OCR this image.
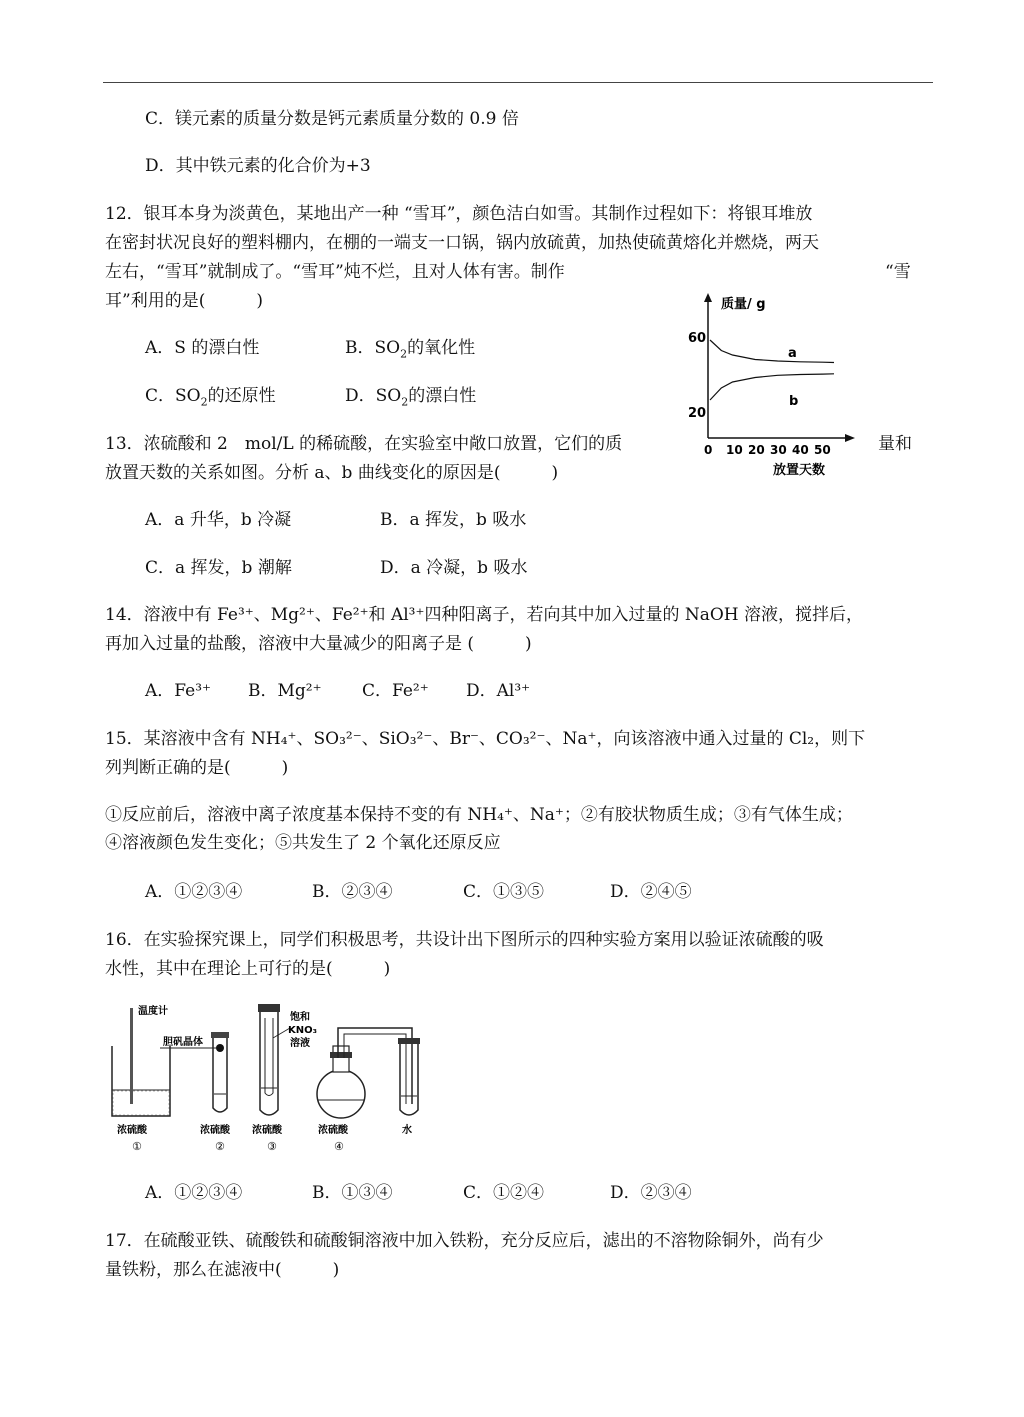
C．镁元素的质量分数是钙元素质量分数的 0.9 倍
D．其中铁元素的化合价为+3
12．银耳本身为淡黄色，某地出产一种 “雪耳”，颜色洁白如雪。其制作过程如下：将银耳堆放
在密封状况良好的塑料棚内，在棚的一端支一口锅，锅内放硫黄，加热使硫黄熔化并燃烧，两天
左右，“雪耳”就制成了。“雪耳”炖不烂，且对人体有害。制作	“雪
耳”利用的是(　　　)
A．S 的漂白性	B．$SO_2$的氧化性
C．$SO_2$的还原性	D．$SO_2$的漂白性
质量/ g
60
20
0 10 20 30 40 50
放置天数
a
b
13．浓硫酸和 2　mol/L 的稀硫酸，在实验室中敞口放置，它们的质	量和
放置天数的关系如图。分析 a、b 曲线变化的原因是(　　　)
A．a 升华，b 冷凝	B．a 挥发，b 吸水
C．a 挥发，b 潮解	D．a 冷凝，b 吸水
14．溶液中有 Fe³⁺、Mg²⁺、Fe²⁺和 Al³⁺四种阳离子，若向其中加入过量的 NaOH 溶液，搅拌后，
再加入过量的盐酸，溶液中大量减少的阳离子是 (　　　)
A．Fe³⁺ B．Mg²⁺ C．Fe²⁺ D．Al³⁺
15．某溶液中含有 NH₄⁺、SO₃²⁻、SiO₃²⁻、Br⁻、CO₃²⁻、Na⁺，向该溶液中通入过量的 Cl₂，则下
列判断正确的是(　　　)
①反应前后，溶液中离子浓度基本保持不变的有 NH₄⁺、Na⁺；②有胶状物质生成；③有气体生成；
④溶液颜色发生变化；⑤共发生了 2 个氧化还原反应
A．①②③④	B．②③④	C．①③⑤	D．②④⑤
16．在实验探究课上，同学们积极思考，共设计出下图所示的四种实验方案用以验证浓硫酸的吸
水性，其中在理论上可行的是(　　　)
温度计
胆矾晶体
饱和
KNO₃
溶液
浓硫酸	浓硫酸 浓硫酸	浓硫酸	水
①	②	③	④
A．①②③④	B．①③④	C．①②④	D．②③④
17．在硫酸亚铁、硫酸铁和硫酸铜溶液中加入铁粉，充分反应后，滤出的不溶物除铜外，尚有少
量铁粉，那么在滤液中(　　　)
